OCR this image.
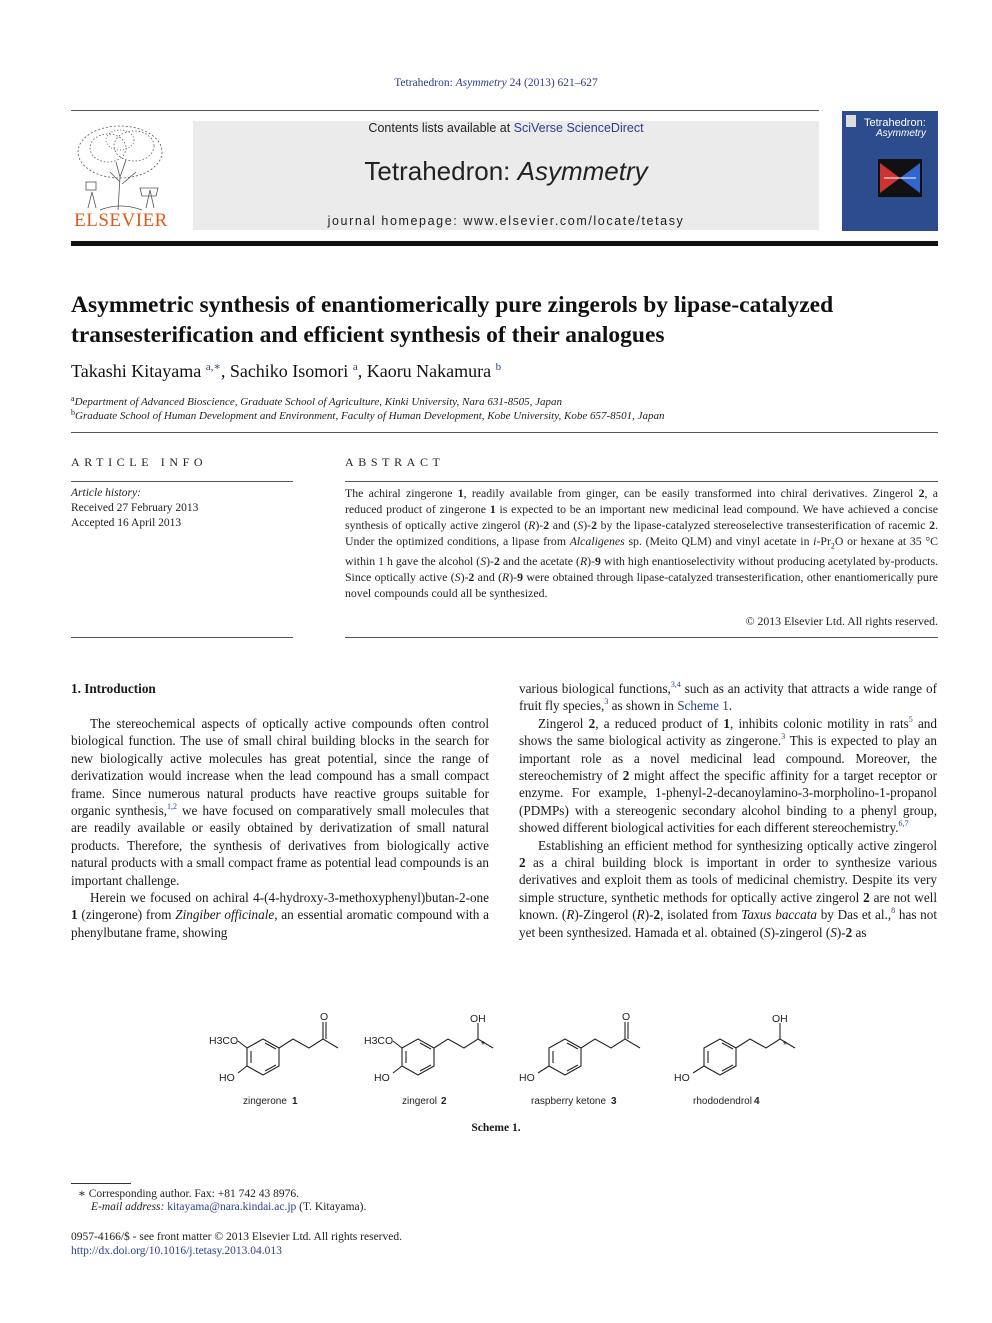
Tetrahedron: Asymmetry 24 (2013) 621–627
ELSEVIER
Contents lists available at SciVerse ScienceDirect
Tetrahedron: Asymmetry
journal homepage: www.elsevier.com/locate/tetasy
Tetrahedron:
Asymmetry
Asymmetric synthesis of enantiomerically pure zingerols by lipase-catalyzed
transesterification and efficient synthesis of their analogues
Takashi Kitayama $^{a,∗}$, Sachiko Isomori $^a$, Kaoru Nakamura $^b$
$^a$Department of Advanced Bioscience, Graduate School of Agriculture, Kinki University, Nara 631-8505, Japan
$^b$Graduate School of Human Development and Environment, Faculty of Human Development, Kobe University, Kobe 657-8501, Japan
ARTICLE INFO
Article history:
Received 27 February 2013
Accepted 16 April 2013
ABSTRACT
The achiral zingerone 1, readily available from ginger, can be easily transformed into chiral derivatives. Zingerol 2, a reduced product of zingerone 1 is expected to be an important new medicinal lead compound. We have achieved a concise synthesis of optically active zingerol (R)-2 and (S)-2 by the lipase-catalyzed stereoselective transesterification of racemic 2. Under the optimized conditions, a lipase from Alcaligenes sp. (Meito QLM) and vinyl acetate in $i-Pr_2O$ or hexane at 35 °C within 1 h gave the alcohol (S)-2 and the acetate (R)-9 with high enantioselectivity without producing acetylated by-products. Since optically active (S)-2 and (R)-9 were obtained through lipase-catalyzed transesterification, other enantiomerically pure novel compounds could all be synthesized.
© 2013 Elsevier Ltd. All rights reserved.
1. Introduction

The stereochemical aspects of optically active compounds often control biological function. The use of small chiral building blocks in the search for new biologically active molecules has great potential, since the range of derivatization would increase when the lead compound has a small compact frame. Since numerous natural products have reactive groups suitable for organic synthesis,$^{1,2}$ we have focused on comparatively small molecules that are readily available or easily obtained by derivatization of small natural products. Therefore, the synthesis of derivatives from biologically active natural products with a small compact frame as potential lead compounds is an important challenge.

Herein we focused on achiral 4-(4-hydroxy-3-methoxyphenyl)butan-2-one 1 (zingerone) from Zingiber officinale, an essential aromatic compound with a phenylbutane frame, showing

various biological functions,$^{3,4}$ such as an activity that attracts a wide range of fruit fly species,$^3$ as shown in Scheme 1.

Zingerol 2, a reduced product of 1, inhibits colonic motility in rats$^5$ and shows the same biological activity as zingerone.$^3$ This is expected to play an important role as a novel medicinal lead compound. Moreover, the stereochemistry of 2 might affect the specific affinity for a target receptor or enzyme. For example, 1-phenyl-2-decanoylamino-3-morpholino-1-propanol (PDMPs) with a stereogenic secondary alcohol binding to a phenyl group, showed different biological activities for each different stereochemistry.$^{6,7}$

Establishing an efficient method for synthesizing optically active zingerol 2 as a chiral building block is important in order to synthesize various derivatives and exploit them as tools of medicinal chemistry. Despite its very simple structure, synthetic methods for optically active zingerol 2 are not well known. (R)-Zingerol (R)-2, isolated from Taxus baccata by Das et al.,$^8$ has not yet been synthesized. Hamada et al. obtained (S)-zingerol (S)-2 as

H3CO
HO
O
zingerone 1
H3CO
HO
OH
*
zingerol 2
HO
O
raspberry ketone 3
HO
OH
*
rhododendrol 4
Scheme 1.
∗ Corresponding author. Fax: +81 742 43 8976.
E-mail address: kitayama@nara.kindai.ac.jp (T. Kitayama).
0957-4166/$ - see front matter © 2013 Elsevier Ltd. All rights reserved.
http://dx.doi.org/10.1016/j.tetasy.2013.04.013
